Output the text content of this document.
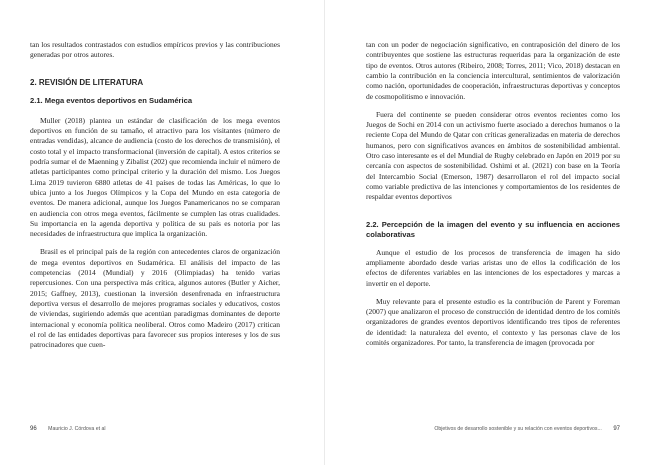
tan los resultados contrastados con estudios empíricos previos y las contribuciones generadas por otros autores.

2. REVISIÓN DE LITERATURA
2.1. Mega eventos deportivos en Sudamérica

Muller (2018) plantea un estándar de clasificación de los mega eventos deportivos en función de su tamaño, el atractivo para los visitantes (número de entradas vendidas), alcance de audiencia (costo de los derechos de transmisión), el costo total y el impacto transformacional (inversión de capital). A estos criterios se podría sumar el de Maenning y Zibalist (202) que recomienda incluir el número de atletas participantes como principal criterio y la duración del mismo. Los Juegos Lima 2019 tuvieron 6880 atletas de 41 países de todas las Américas, lo que lo ubica junto a los Juegos Olímpicos y la Copa del Mundo en esta categoría de eventos. De manera adicional, aunque los Juegos Panamericanos no se comparan en audiencia con otros mega eventos, fácilmente se cumplen las otras cualidades. Su importancia en la agenda deportiva y política de su país es notoria por las necesidades de infraestructura que implica la organización.

Brasil es el principal país de la región con antecedentes claros de organización de mega eventos deportivos en Sudamérica. El análisis del impacto de las competencias (2014 (Mundial) y 2016 (Olimpiadas) ha tenido varias repercusiones. Con una perspectiva más crítica, algunos autores (Butler y Aicher, 2015; Gaffney, 2013), cuestionan la inversión desenfrenada en infraestructura deportiva versus el desarrollo de mejores programas sociales y educativos, costos de viviendas, sugiriendo además que acentúan paradigmas dominantes de deporte internacional y economía política neoliberal. Otros como Madeiro (2017) critican el rol de las entidades deportivas para favorecer sus propios intereses y los de sus patrocinadores que cuen-

96 Mauricio J. Córdova et al

tan con un poder de negociación significativo, en contraposición del dinero de los contribuyentes que sostiene las estructuras requeridas para la organización de este tipo de eventos. Otros autores (Ribeiro, 2008; Torres, 2011; Vico, 2018) destacan en cambio la contribución en la conciencia intercultural, sentimientos de valorización como nación, oportunidades de cooperación, infraestructuras deportivas y conceptos de cosmopolitismo e innovación.

Fuera del continente se pueden considerar otros eventos recientes como los Juegos de Sochi en 2014 con un activismo fuerte asociado a derechos humanos o la reciente Copa del Mundo de Qatar con críticas generalizadas en materia de derechos humanos, pero con significativos avances en ámbitos de sostenibilidad ambiental. Otro caso interesante es el del Mundial de Rugby celebrado en Japón en 2019 por su cercanía con aspectos de sostenibilidad. Oshimi et al. (2021) con base en la Teoría del Intercambio Social (Emerson, 1987) desarrollaron el rol del impacto social como variable predictiva de las intenciones y comportamientos de los residentes de respaldar eventos deportivos

2.2. Percepción de la imagen del evento y su influencia en acciones colaborativas

Aunque el estudio de los procesos de transferencia de imagen ha sido ampliamente abordado desde varias aristas uno de ellos la codificación de los efectos de diferentes variables en las intenciones de los espectadores y marcas a invertir en el deporte.

Muy relevante para el presente estudio es la contribución de Parent y Foreman (2007) que analizaron el proceso de construcción de identidad dentro de los comités organizadores de grandes eventos deportivos identificando tres tipos de referentes de identidad: la naturaleza del evento, el contexto y las personas clave de los comités organizadores. Por tanto, la transferencia de imagen (provocada por

Objetivos de desarrollo sostenible y su relación con eventos deportivos... 97
